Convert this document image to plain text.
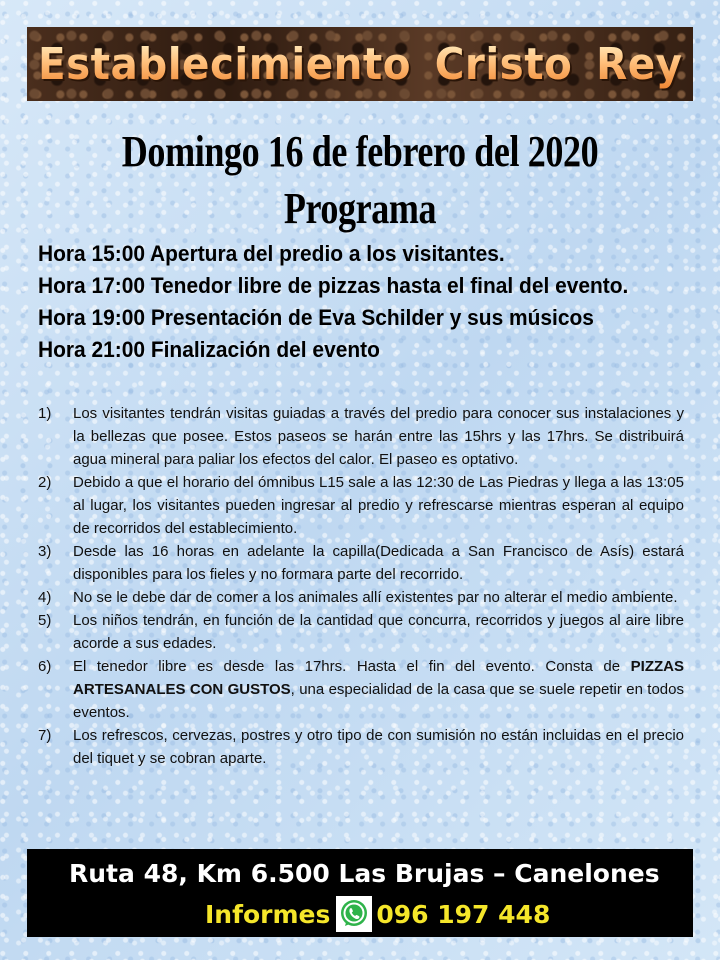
Establecimiento Cristo Rey
Domingo 16 de febrero del 2020
Programa
Hora 15:00 Apertura del predio a los visitantes.
Hora 17:00 Tenedor libre de pizzas hasta el final del evento.
Hora 19:00 Presentación de Eva Schilder y sus músicos
Hora 21:00 Finalización del evento
1)	Los visitantes tendrán visitas guiadas a través del predio para conocer sus instalaciones y la bellezas que posee. Estos paseos se harán entre las 15hrs y las 17hrs. Se distribuirá agua mineral para paliar los efectos del calor. El paseo es optativo.
2)	Debido a que el horario del ómnibus L15 sale a las 12:30 de Las Piedras y llega a las 13:05 al lugar, los visitantes pueden ingresar al predio y refrescarse mientras esperan al equipo de recorridos del establecimiento.
3)	Desde las 16 horas en adelante la capilla(Dedicada a San Francisco de Asís) estará disponibles para los fieles y no formara parte del recorrido.
4)	No se le debe dar de comer a los animales allí existentes par no alterar el medio ambiente.
5)	Los niños tendrán, en función de la cantidad que concurra, recorridos y juegos al aire libre acorde a sus edades.
6)	El tenedor libre es desde las 17hrs. Hasta el fin del evento. Consta de PIZZAS ARTESANALES CON GUSTOS, una especialidad de la casa que se suele repetir en todos eventos.
7)	Los refrescos, cervezas, postres y otro tipo de con sumisión no están incluidas en el precio del tiquet y se cobran aparte.
Ruta 48, Km 6.500 Las Brujas – Canelones
Informes 096 197 448
